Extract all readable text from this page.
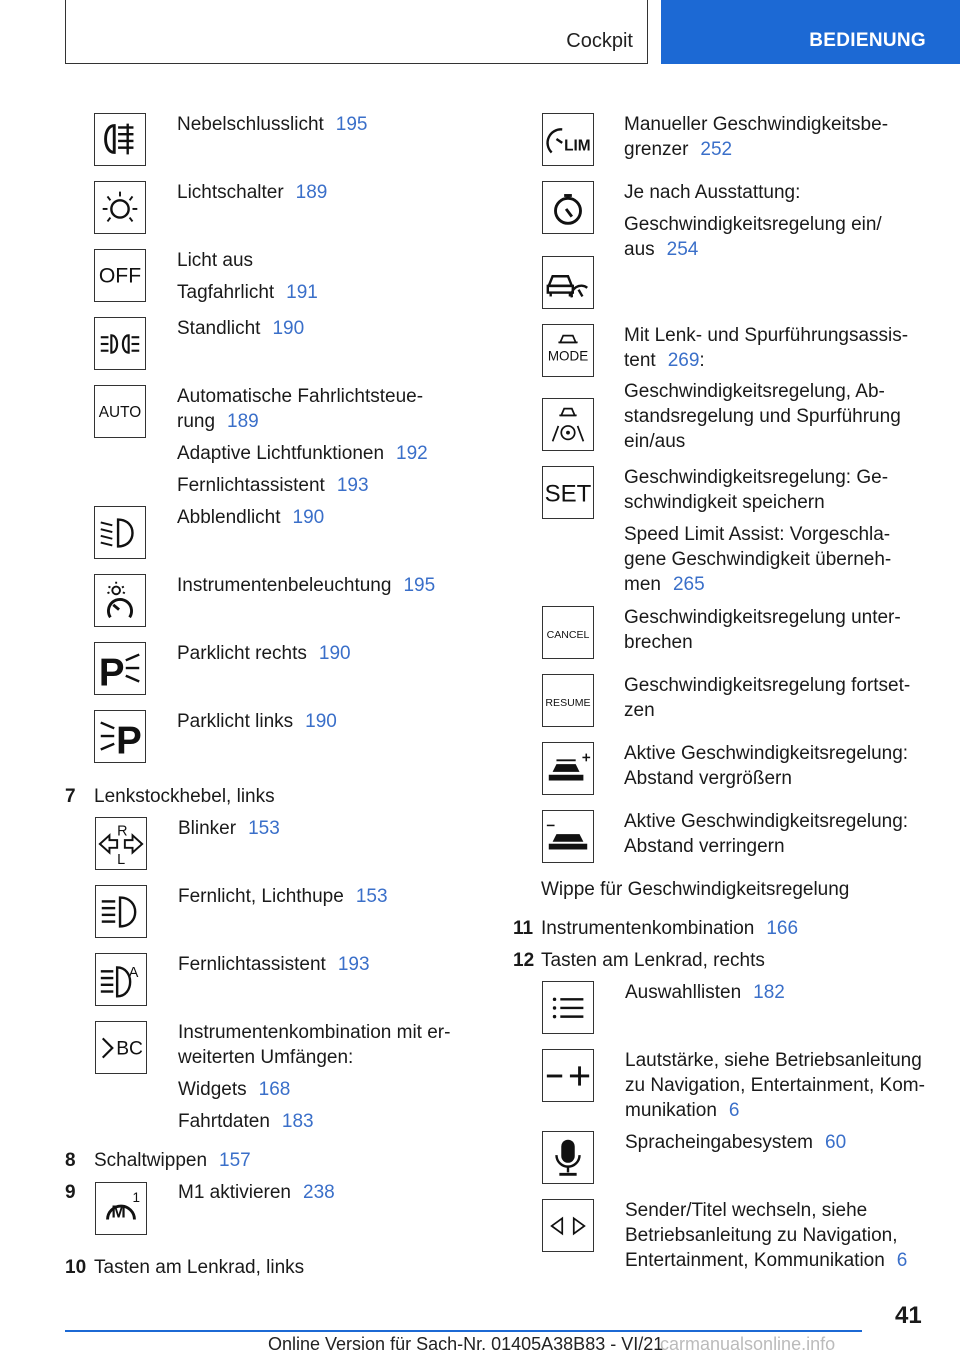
Cockpit	BEDIENUNG
Nebelschlusslicht 195
Lichtschalter 189
OFF
Licht aus
Tagfahrlicht 191
Standlicht 190
AUTO
Automatische Fahrlichtsteue-
rung 189
Adaptive Lichtfunktionen 192
Fernlichtassistent 193
Abblendlicht 190
Instrumentenbeleuchtung 195
P	Parklicht rechts 190
P Parklicht links 190
7 Lenkstockhebel, links
R
L
Blinker 153
Fernlicht, Lichthupe 153
A Fernlichtassistent 193
BC
Instrumentenkombination mit er-
weiterten Umfängen:
Widgets 168
Fahrtdaten 183
8 Schaltwippen 157
9
M
1 M1 aktivieren 238
10 Tasten am Lenkrad, links
LIM
Manueller Geschwindigkeitsbe-
grenzer 252
Je nach Ausstattung:
Geschwindigkeitsregelung ein/
aus 254
MODE
Mit Lenk- und Spurführungsassis-
tent 269:
Geschwindigkeitsregelung, Ab-
standsregelung und Spurführung
ein/aus
SET
Geschwindigkeitsregelung: Ge-
schwindigkeit speichern
Speed Limit Assist: Vorgeschla-
gene Geschwindigkeit überneh-
men 265
CANCEL
Geschwindigkeitsregelung unter-
brechen
RESUME
Geschwindigkeitsregelung fortset-
zen
Aktive Geschwindigkeitsregelung:
Abstand vergrößern
Aktive Geschwindigkeitsregelung:
Abstand verringern
Wippe für Geschwindigkeitsregelung
11 Instrumentenkombination 166
12 Tasten am Lenkrad, rechts
Auswahllisten 182
Lautstärke, siehe Betriebsanleitung
zu Navigation, Entertainment, Kom-
munikation 6
Spracheingabesystem 60
Sender/Titel wechseln, siehe
Betriebsanleitung zu Navigation,
Entertainment, Kommunikation 6
41
Online Version für Sach-Nr. 01405A38B83 - VI/21
carmanualsonline.info
